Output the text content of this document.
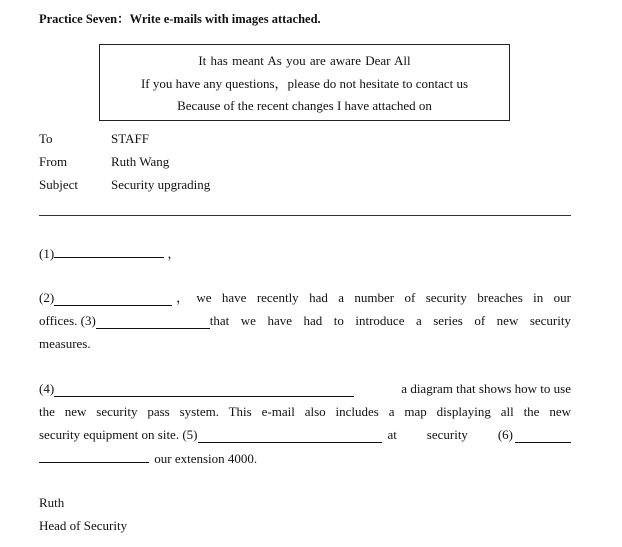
Practice Seven：Write e-mails with images attached.
It has meant As you are aware Dear All
If you have any questions，please do not hesitate to contact us
Because of the recent changes I have attached on
To	STAFF
From	Ruth Wang
Subject	Security upgrading
(1)	，
(2)	，we have recently had a number of security breaches in our
offices. (3)	that we have had to introduce a series of new security
measures.
(4)	a diagram that shows how to use
the new security pass system. This e-mail also includes a map displaying all the new
security equipment on site. (5)	at security (6)
our extension 4000.
Ruth
Head of Security
